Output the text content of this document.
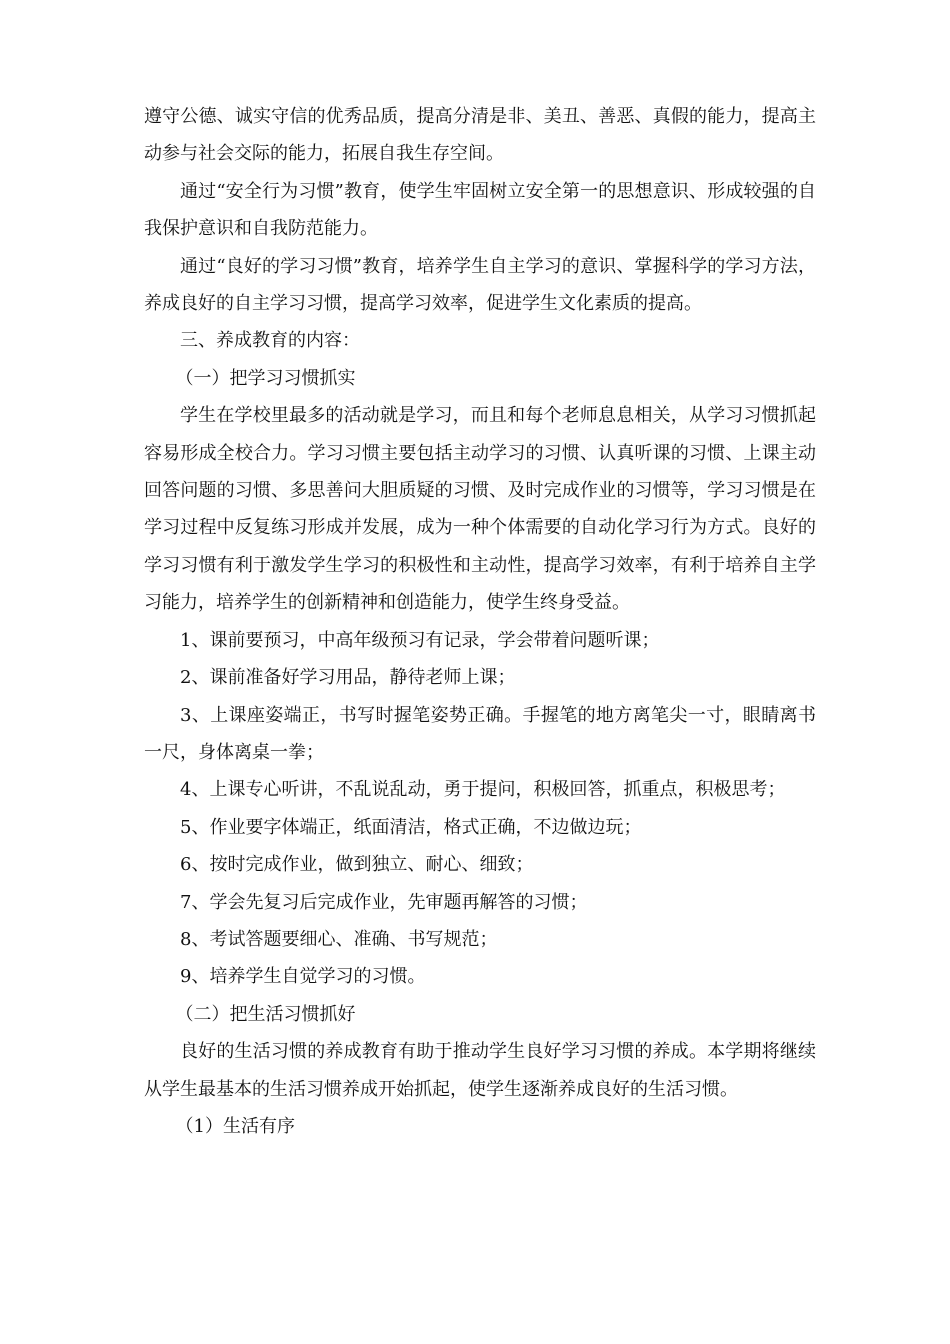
遵守公德、诚实守信的优秀品质，提高分清是非、美丑、善恶、真假的能力，提高主动参与社会交际的能力，拓展自我生存空间。

通过“安全行为习惯”教育，使学生牢固树立安全第一的思想意识、形成较强的自我保护意识和自我防范能力。

通过“良好的学习习惯”教育，培养学生自主学习的意识、掌握科学的学习方法，养成良好的自主学习习惯，提高学习效率，促进学生文化素质的提高。

三、养成教育的内容：

（一）把学习习惯抓实

学生在学校里最多的活动就是学习，而且和每个老师息息相关，从学习习惯抓起容易形成全校合力。学习习惯主要包括主动学习的习惯、认真听课的习惯、上课主动回答问题的习惯、多思善问大胆质疑的习惯、及时完成作业的习惯等，学习习惯是在学习过程中反复练习形成并发展，成为一种个体需要的自动化学习行为方式。良好的学习习惯有利于激发学生学习的积极性和主动性，提高学习效率，有利于培养自主学习能力，培养学生的创新精神和创造能力，使学生终身受益。

1、课前要预习，中高年级预习有记录，学会带着问题听课；

2、课前准备好学习用品，静待老师上课；

3、上课座姿端正，书写时握笔姿势正确。手握笔的地方离笔尖一寸，眼睛离书一尺，身体离桌一拳；

4、上课专心听讲，不乱说乱动，勇于提问，积极回答，抓重点，积极思考；

5、作业要字体端正，纸面清洁，格式正确，不边做边玩；

6、按时完成作业，做到独立、耐心、细致；

7、学会先复习后完成作业，先审题再解答的习惯；

8、考试答题要细心、准确、书写规范；

9、培养学生自觉学习的习惯。

（二）把生活习惯抓好

良好的生活习惯的养成教育有助于推动学生良好学习习惯的养成。本学期将继续从学生最基本的生活习惯养成开始抓起，使学生逐渐养成良好的生活习惯。

（1）生活有序
